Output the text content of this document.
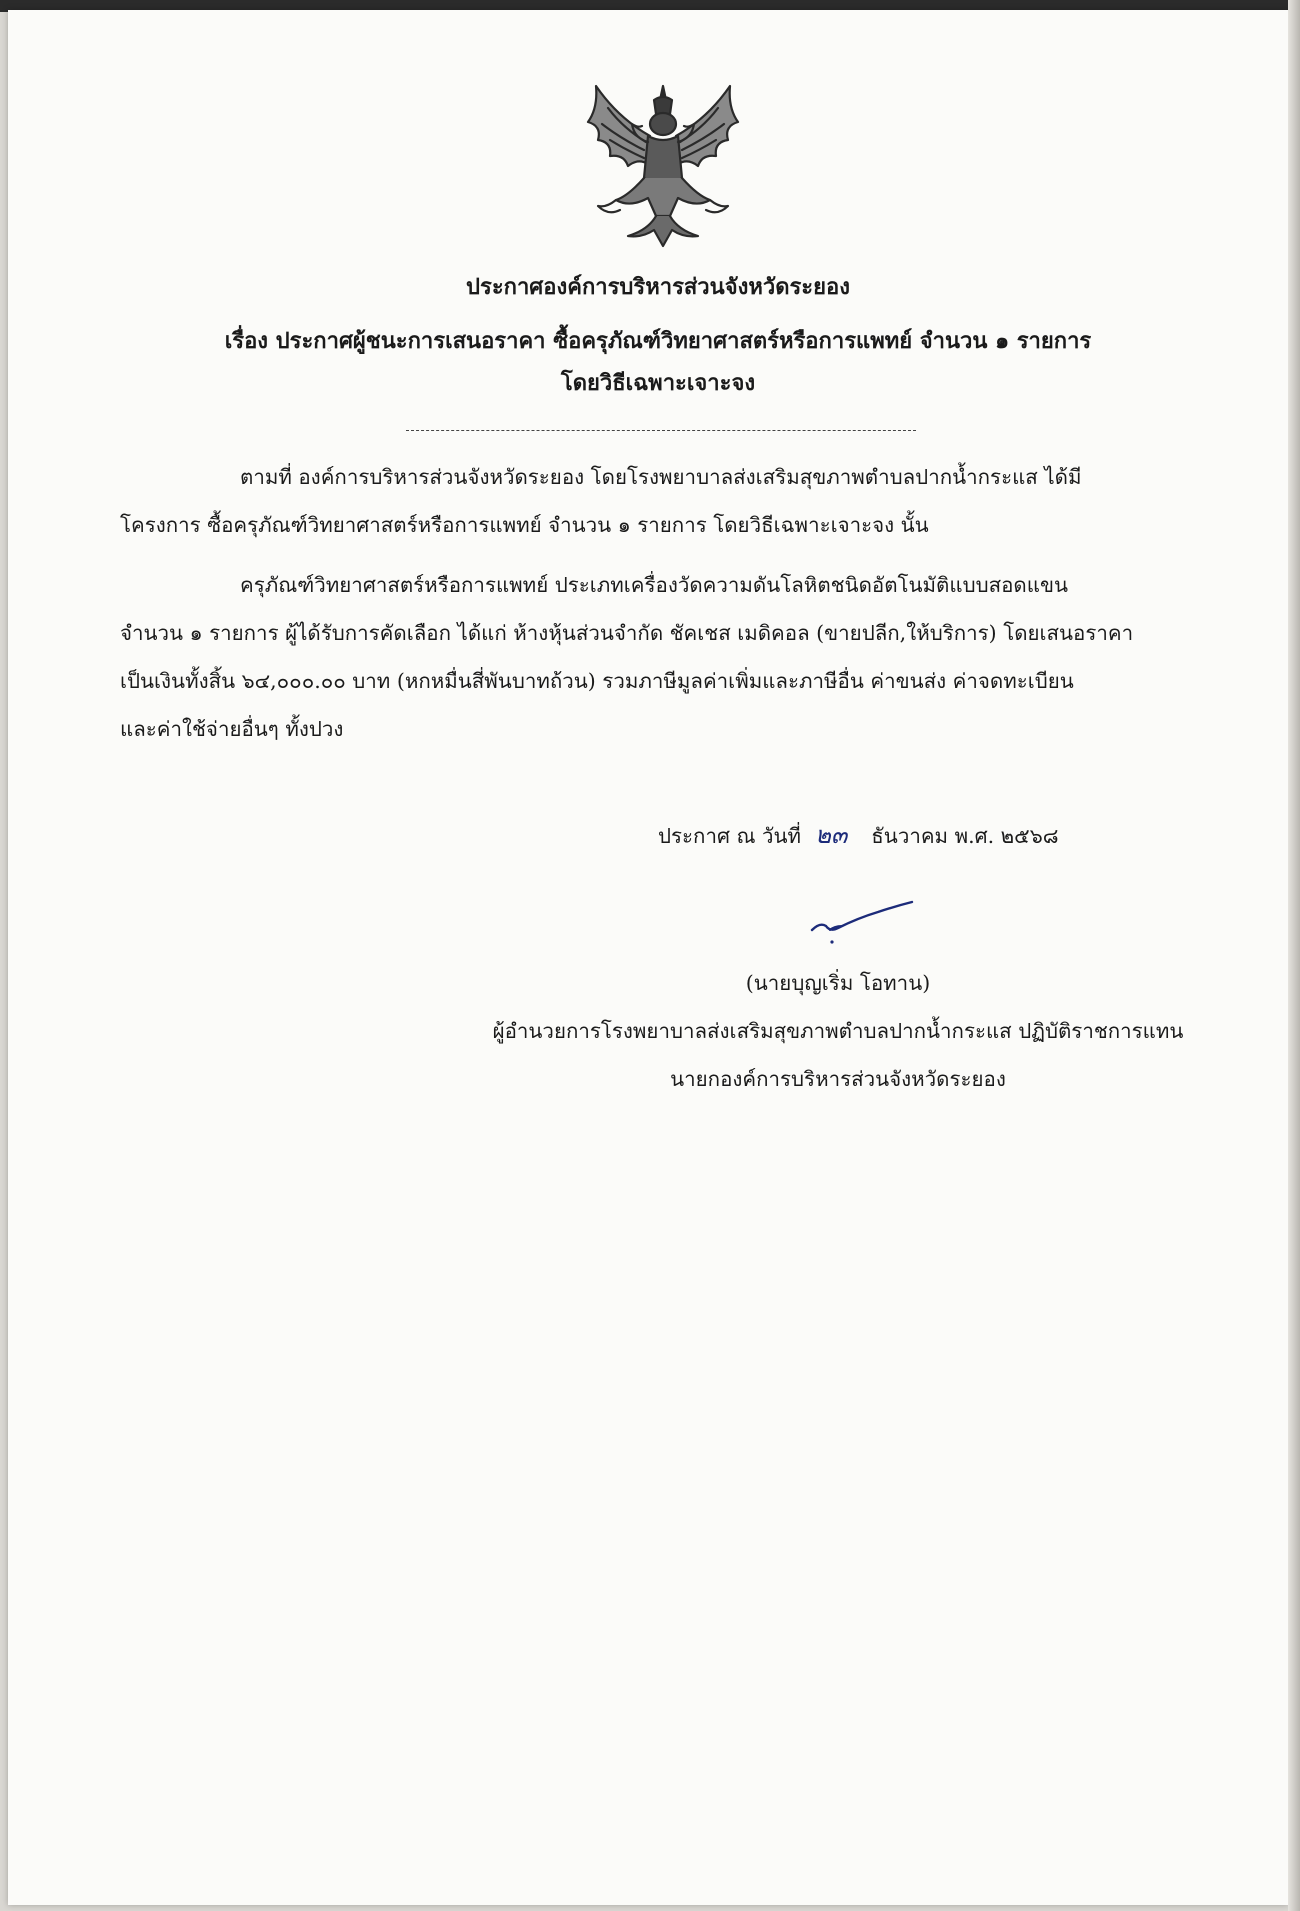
ประกาศองค์การบริหารส่วนจังหวัดระยอง
เรื่อง ประกาศผู้ชนะการเสนอราคา ซื้อครุภัณฑ์วิทยาศาสตร์หรือการแพทย์ จำนวน ๑ รายการ
โดยวิธีเฉพาะเจาะจง
ตามที่ องค์การบริหารส่วนจังหวัดระยอง โดยโรงพยาบาลส่งเสริมสุขภาพตำบลปากน้ำกระแส ได้มี
โครงการ ซื้อครุภัณฑ์วิทยาศาสตร์หรือการแพทย์ จำนวน ๑ รายการ โดยวิธีเฉพาะเจาะจง นั้น
ครุภัณฑ์วิทยาศาสตร์หรือการแพทย์ ประเภทเครื่องวัดความดันโลหิตชนิดอัตโนมัติแบบสอดแขน
จำนวน ๑ รายการ ผู้ได้รับการคัดเลือก ได้แก่ ห้างหุ้นส่วนจำกัด ชัคเชส เมดิคอล (ขายปลีก,ให้บริการ) โดยเสนอราคา
เป็นเงินทั้งสิ้น ๖๔,๐๐๐.๐๐ บาท (หกหมื่นสี่พันบาทถ้วน) รวมภาษีมูลค่าเพิ่มและภาษีอื่น ค่าขนส่ง ค่าจดทะเบียน
และค่าใช้จ่ายอื่นๆ ทั้งปวง
ประกาศ ณ วันที่ ๒๓ ธันวาคม พ.ศ. ๒๕๖๘
(นายบุญเริ่ม โอทาน)
ผู้อำนวยการโรงพยาบาลส่งเสริมสุขภาพตำบลปากน้ำกระแส ปฏิบัติราชการแทน
นายกองค์การบริหารส่วนจังหวัดระยอง
